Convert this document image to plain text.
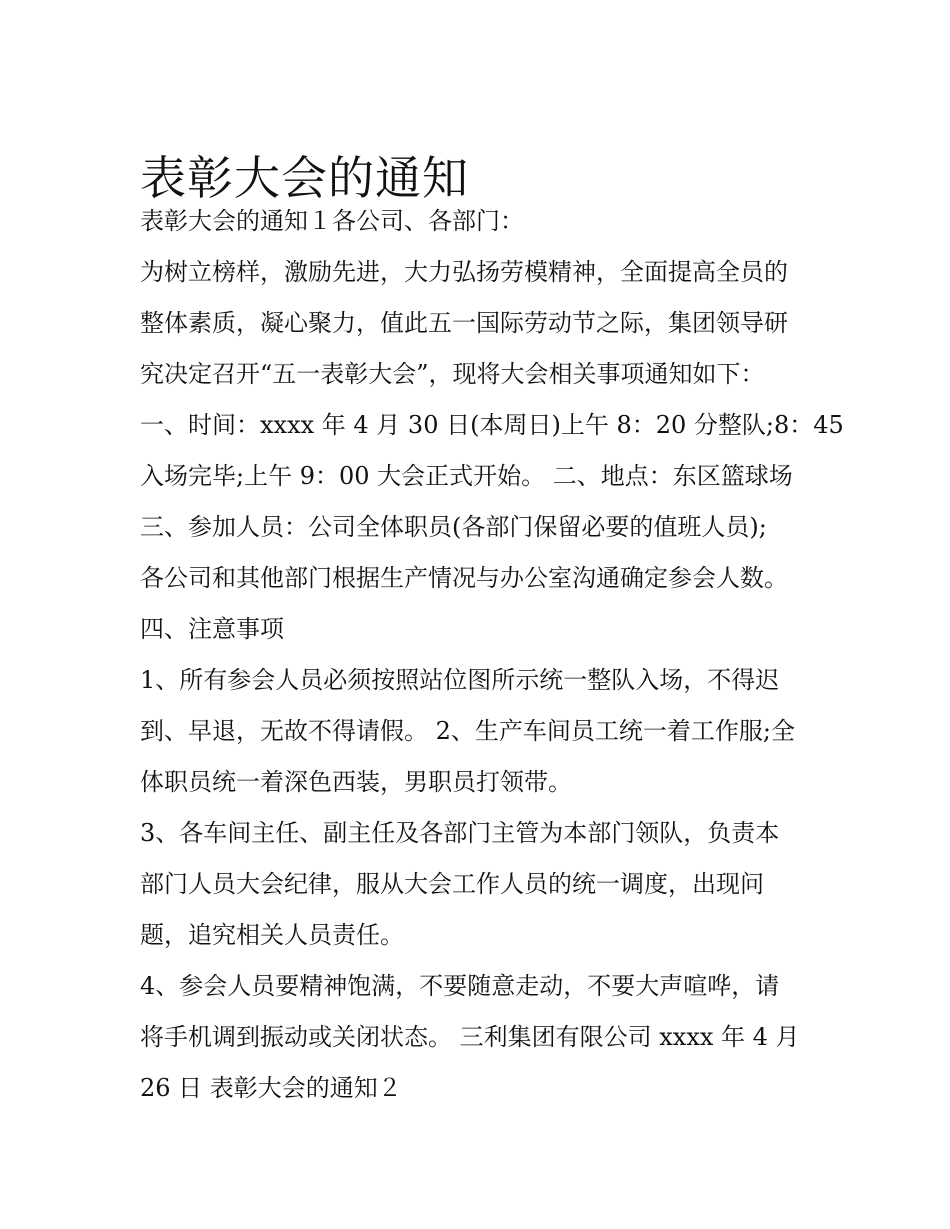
表彰大会的通知
表彰大会的通知１各公司、各部门：
为树立榜样，激励先进，大力弘扬劳模精神，全面提高全员的
整体素质，凝心聚力，值此五一国际劳动节之际，集团领导研
究决定召开“五一表彰大会”，现将大会相关事项通知如下：
一、时间：xxxx 年 4 月 30 日(本周日)上午 8：20 分整队;8：45
入场完毕;上午 9：00 大会正式开始。 二、地点：东区篮球场
三、参加人员：公司全体职员(各部门保留必要的值班人员);
各公司和其他部门根据生产情况与办公室沟通确定参会人数。
四、注意事项
1、所有参会人员必须按照站位图所示统一整队入场，不得迟
到、早退，无故不得请假。 2、生产车间员工统一着工作服;全
体职员统一着深色西装，男职员打领带。
3、各车间主任、副主任及各部门主管为本部门领队，负责本
部门人员大会纪律，服从大会工作人员的统一调度，出现问
题，追究相关人员责任。
4、参会人员要精神饱满，不要随意走动，不要大声喧哗，请
将手机调到振动或关闭状态。 三利集团有限公司 xxxx 年 4 月
26 日 表彰大会的通知２
